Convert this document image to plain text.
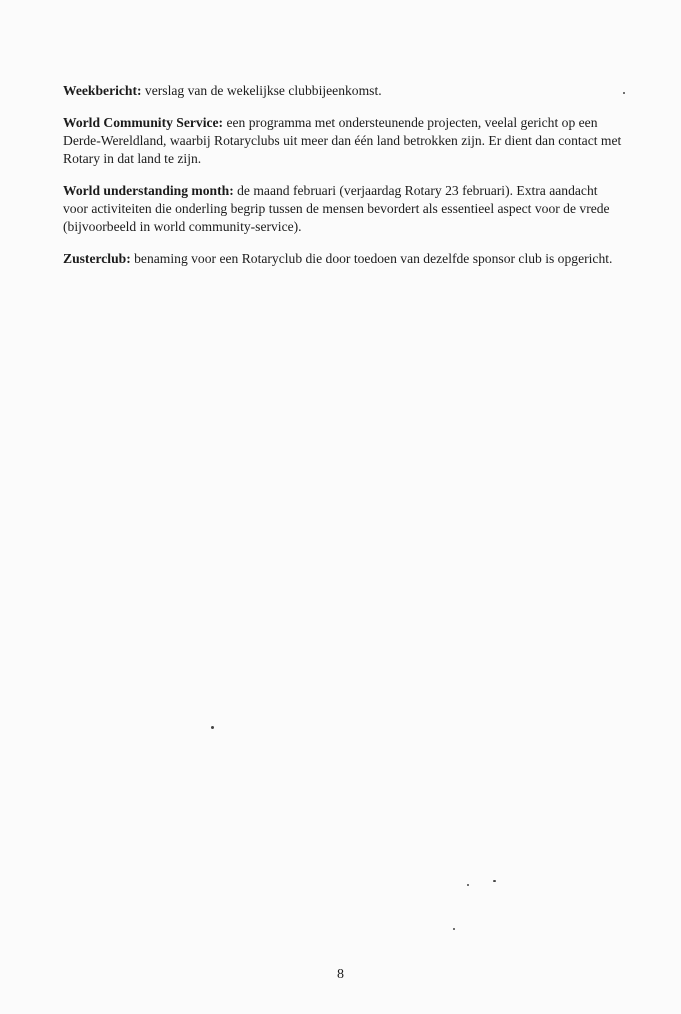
Weekbericht: verslag van de wekelijkse clubbijeenkomst.

World Community Service: een programma met ondersteunende projecten, veelal gericht op een Derde-Wereldland, waarbij Rotaryclubs uit meer dan één land betrokken zijn. Er dient dan contact met Rotary in dat land te zijn.

World understanding month: de maand februari (verjaardag Rotary 23 februari). Extra aandacht voor activiteiten die onderling begrip tussen de mensen bevordert als essentieel aspect voor de vrede (bijvoorbeeld in world community-service).

Zusterclub: benaming voor een Rotaryclub die door toedoen van dezelfde sponsor club is opgericht.

8
